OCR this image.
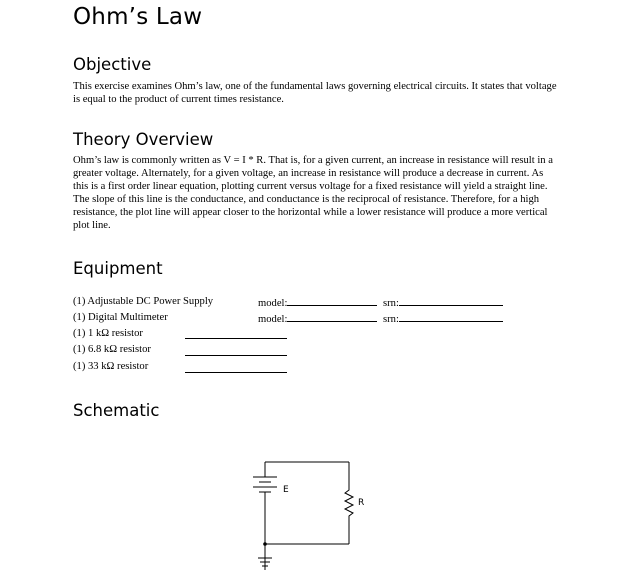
Ohm’s Law
Objective

This exercise examines Ohm’s law, one of the fundamental laws governing electrical circuits. It states that voltage is equal to the product of current times resistance.

Theory Overview

Ohm’s law is commonly written as V = I * R. That is, for a given current, an increase in resistance will result in a greater voltage. Alternately, for a given voltage, an increase in resistance will produce a decrease in current. As this is a first order linear equation, plotting current versus voltage for a fixed resistance will yield a straight line. The slope of this line is the conductance, and conductance is the reciprocal of resistance. Therefore, for a high resistance, the plot line will appear closer to the horizontal while a lower resistance will produce a more vertical plot line.

Equipment
(1) Adjustable DC Power Supply	model:	srn:
(1) Digital Multimeter	model:	srn:
(1) 1 kΩ resistor
(1) 6.8 kΩ resistor
(1) 33 kΩ resistor
Schematic
E
R
